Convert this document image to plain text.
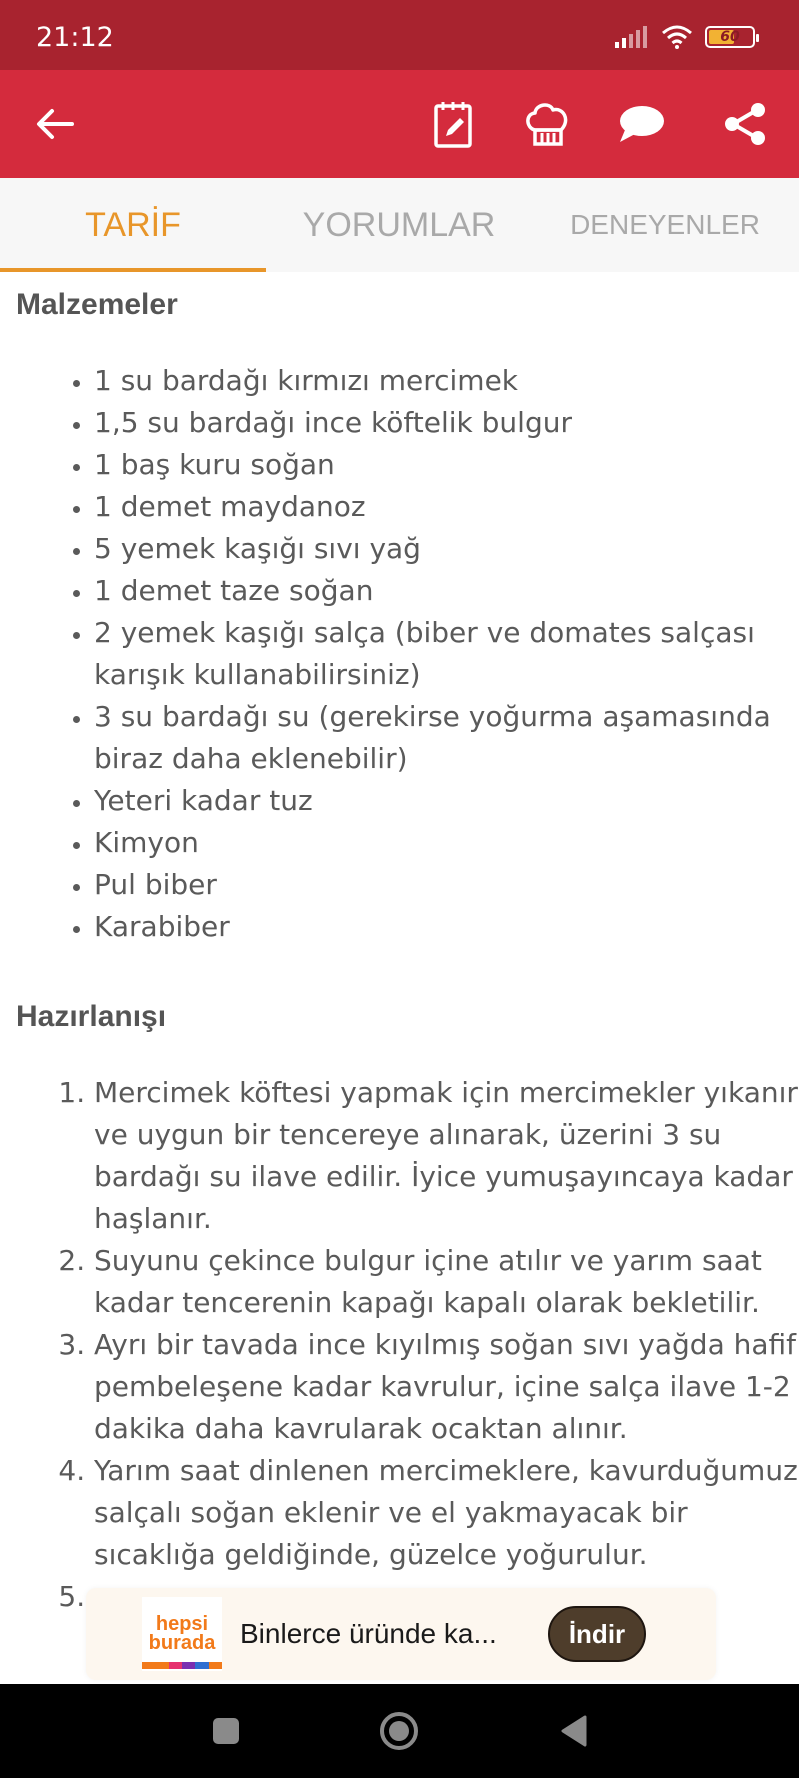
21:12	60
TARİF	YORUMLAR	DENEYENLER
Malzemeler
• 1 su bardağı kırmızı mercimek
• 1,5 su bardağı ince köftelik bulgur
• 1 baş kuru soğan
• 1 demet maydanoz
• 5 yemek kaşığı sıvı yağ
• 1 demet taze soğan
• 2 yemek kaşığı salça (biber ve domates salçası karışık kullanabilirsiniz)
• 3 su bardağı su (gerekirse yoğurma aşamasında biraz daha eklenebilir)
• Yeteri kadar tuz
• Kimyon
• Pul biber
• Karabiber
Hazırlanışı
1. Mercimek köftesi yapmak için mercimekler yıkanır ve uygun bir tencereye alınarak, üzerini 3 su bardağı su ilave edilir. İyice yumuşayıncaya kadar haşlanır.
2. Suyunu çekince bulgur içine atılır ve yarım saat kadar tencerenin kapağı kapalı olarak bekletilir.
3. Ayrı bir tavada ince kıyılmış soğan sıvı yağda hafif pembeleşene kadar kavrulur, içine salça ilave 1-2 dakika daha kavrularak ocaktan alınır.
4. Yarım saat dinlenen mercimeklere, kavurduğumuz salçalı soğan eklenir ve el yakmayacak bir sıcaklığa geldiğinde, güzelce yoğurulur.
5.
hepsi
burada Binlerce üründe ka...	İndir
